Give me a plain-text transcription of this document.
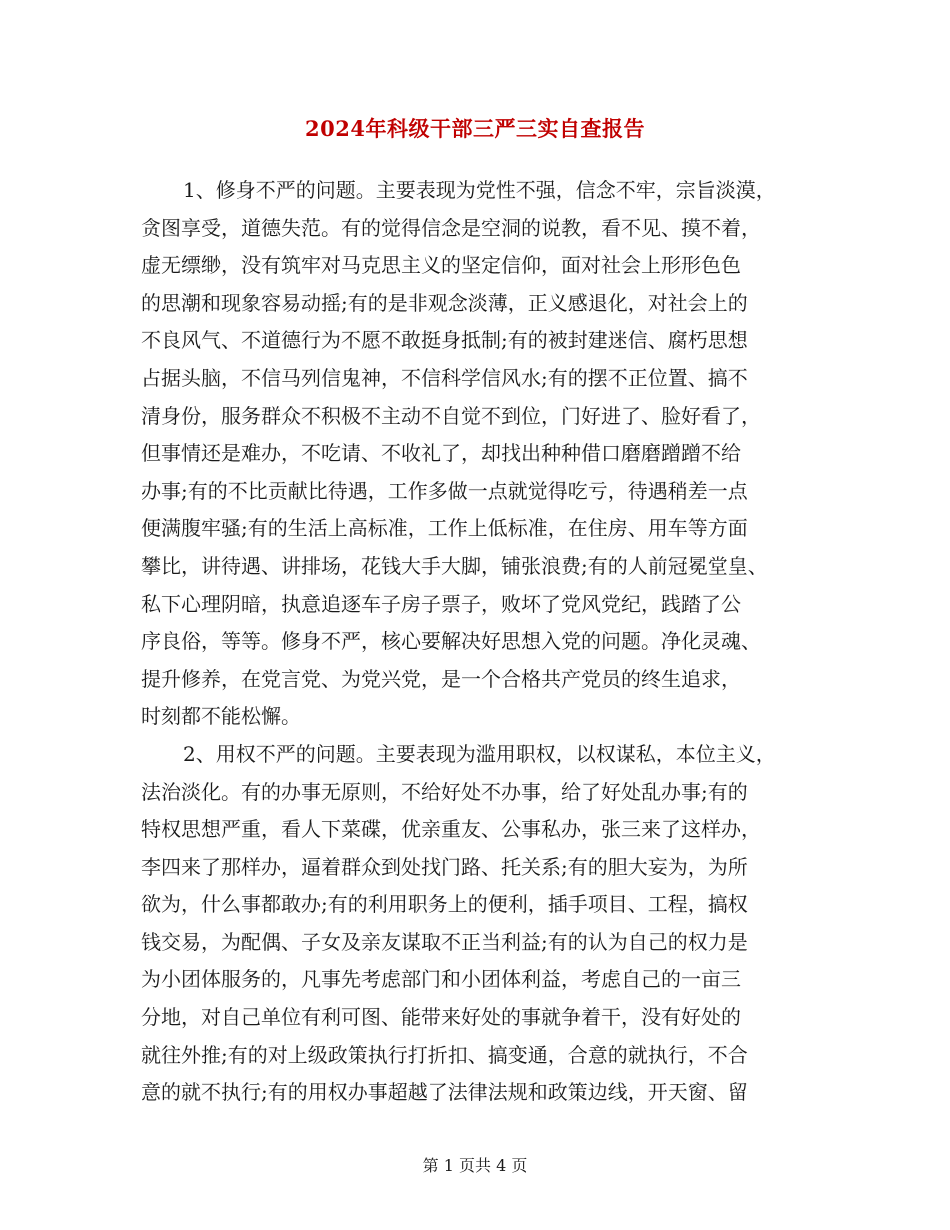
2024年科级干部三严三实自查报告
1、修身不严的问题。主要表现为党性不强，信念不牢，宗旨淡漠，
贪图享受，道德失范。有的觉得信念是空洞的说教，看不见、摸不着，
虚无缥缈，没有筑牢对马克思主义的坚定信仰，面对社会上形形色色
的思潮和现象容易动摇;有的是非观念淡薄，正义感退化，对社会上的
不良风气、不道德行为不愿不敢挺身抵制;有的被封建迷信、腐朽思想
占据头脑，不信马列信鬼神，不信科学信风水;有的摆不正位置、搞不
清身份，服务群众不积极不主动不自觉不到位，门好进了、脸好看了，
但事情还是难办，不吃请、不收礼了，却找出种种借口磨磨蹭蹭不给
办事;有的不比贡献比待遇，工作多做一点就觉得吃亏，待遇稍差一点
便满腹牢骚;有的生活上高标准，工作上低标准，在住房、用车等方面
攀比，讲待遇、讲排场，花钱大手大脚，铺张浪费;有的人前冠冕堂皇、
私下心理阴暗，执意追逐车子房子票子，败坏了党风党纪，践踏了公
序良俗，等等。修身不严，核心要解决好思想入党的问题。净化灵魂、
提升修养，在党言党、为党兴党，是一个合格共产党员的终生追求，
时刻都不能松懈。
2、用权不严的问题。主要表现为滥用职权，以权谋私，本位主义，
法治淡化。有的办事无原则，不给好处不办事，给了好处乱办事;有的
特权思想严重，看人下菜碟，优亲重友、公事私办，张三来了这样办，
李四来了那样办，逼着群众到处找门路、托关系;有的胆大妄为，为所
欲为，什么事都敢办;有的利用职务上的便利，插手项目、工程，搞权
钱交易，为配偶、子女及亲友谋取不正当利益;有的认为自己的权力是
为小团体服务的，凡事先考虑部门和小团体利益，考虑自己的一亩三
分地，对自己单位有利可图、能带来好处的事就争着干，没有好处的
就往外推;有的对上级政策执行打折扣、搞变通，合意的就执行，不合
意的就不执行;有的用权办事超越了法律法规和政策边线，开天窗、留
第 1 页共 4 页
